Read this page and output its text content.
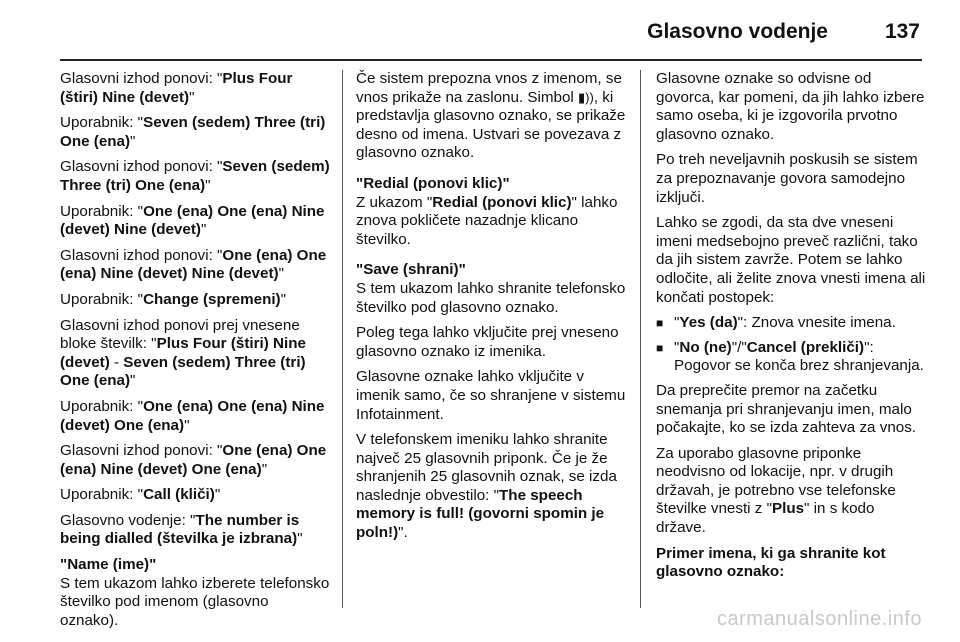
Glasovno vodenje	137

Glasovni izhod ponovi: "Plus Four (štiri) Nine (devet)"

Uporabnik: "Seven (sedem) Three (tri) One (ena)"

Glasovni izhod ponovi: "Seven (sedem) Three (tri) One (ena)"

Uporabnik: "One (ena) One (ena) Nine (devet) Nine (devet)"

Glasovni izhod ponovi: "One (ena) One (ena) Nine (devet) Nine (devet)"

Uporabnik: "Change (spremeni)"

Glasovni izhod ponovi prej vnesene bloke številk: "Plus Four (štiri) Nine (devet) - Seven (sedem) Three (tri) One (ena)"

Uporabnik: "One (ena) One (ena) Nine (devet) One (ena)"

Glasovni izhod ponovi: "One (ena) One (ena) Nine (devet) One (ena)"

Uporabnik: "Call (kliči)"

Glasovno vodenje: "The number is being dialled (številka je izbrana)"

"Name (ime)"
S tem ukazom lahko izberete telefonsko številko pod imenom (glasovno oznako).

Če sistem prepozna vnos z imenom, se vnos prikaže na zaslonu. Simbol ▮)), ki predstavlja glasovno oznako, se prikaže desno od imena. Ustvari se povezava z glasovno oznako.

"Redial (ponovi klic)"
Z ukazom "Redial (ponovi klic)" lahko znova pokličete nazadnje klicano številko.

"Save (shrani)"
S tem ukazom lahko shranite telefonsko številko pod glasovno oznako.

Poleg tega lahko vključite prej vneseno glasovno oznako iz imenika.

Glasovne oznake lahko vključite v imenik samo, če so shranjene v sistemu Infotainment.

V telefonskem imeniku lahko shranite največ 25 glasovnih priponk. Če je že shranjenih 25 glasovnih oznak, se izda naslednje obvestilo: "The speech memory is full! (govorni spomin je poln!)".

Glasovne oznake so odvisne od govorca, kar pomeni, da jih lahko izbere samo oseba, ki je izgovorila prvotno glasovno oznako.

Po treh neveljavnih poskusih se sistem za prepoznavanje govora samodejno izključi.

Lahko se zgodi, da sta dve vneseni imeni medsebojno preveč različni, tako da jih sistem zavrže. Potem se lahko odločite, ali želite znova vnesti imena ali končati postopek:

■ "Yes (da)": Znova vnesite imena.
■ "No (ne)"/"Cancel (prekliči)": Pogovor se konča brez shranjevanja.

Da preprečite premor na začetku snemanja pri shranjevanju imen, malo počakajte, ko se izda zahteva za vnos.

Za uporabo glasovne priponke neodvisno od lokacije, npr. v drugih državah, je potrebno vse telefonske številke vnesti z "Plus" in s kodo države.

Primer imena, ki ga shranite kot glasovno oznako:

carmanualsonline.info
